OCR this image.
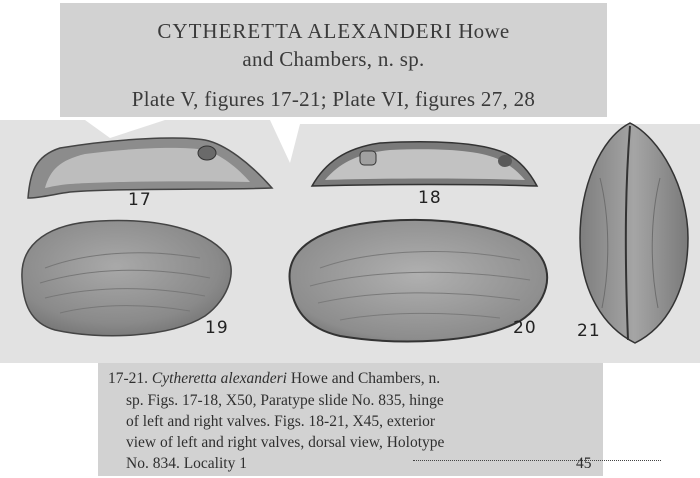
CYTHERETTA ALEXANDERI Howe
and Chambers, n. sp.
Plate V, figures 17-21; Plate VI, figures 27, 28
17	18
19	20 21
17-21. Cytheretta alexanderi Howe and Chambers, n.
sp. Figs. 17-18, X50, Paratype slide No. 835, hinge
of left and right valves. Figs. 18-21, X45, exterior
view of left and right valves, dorsal view, Holotype
No. 834. Locality 1	45
